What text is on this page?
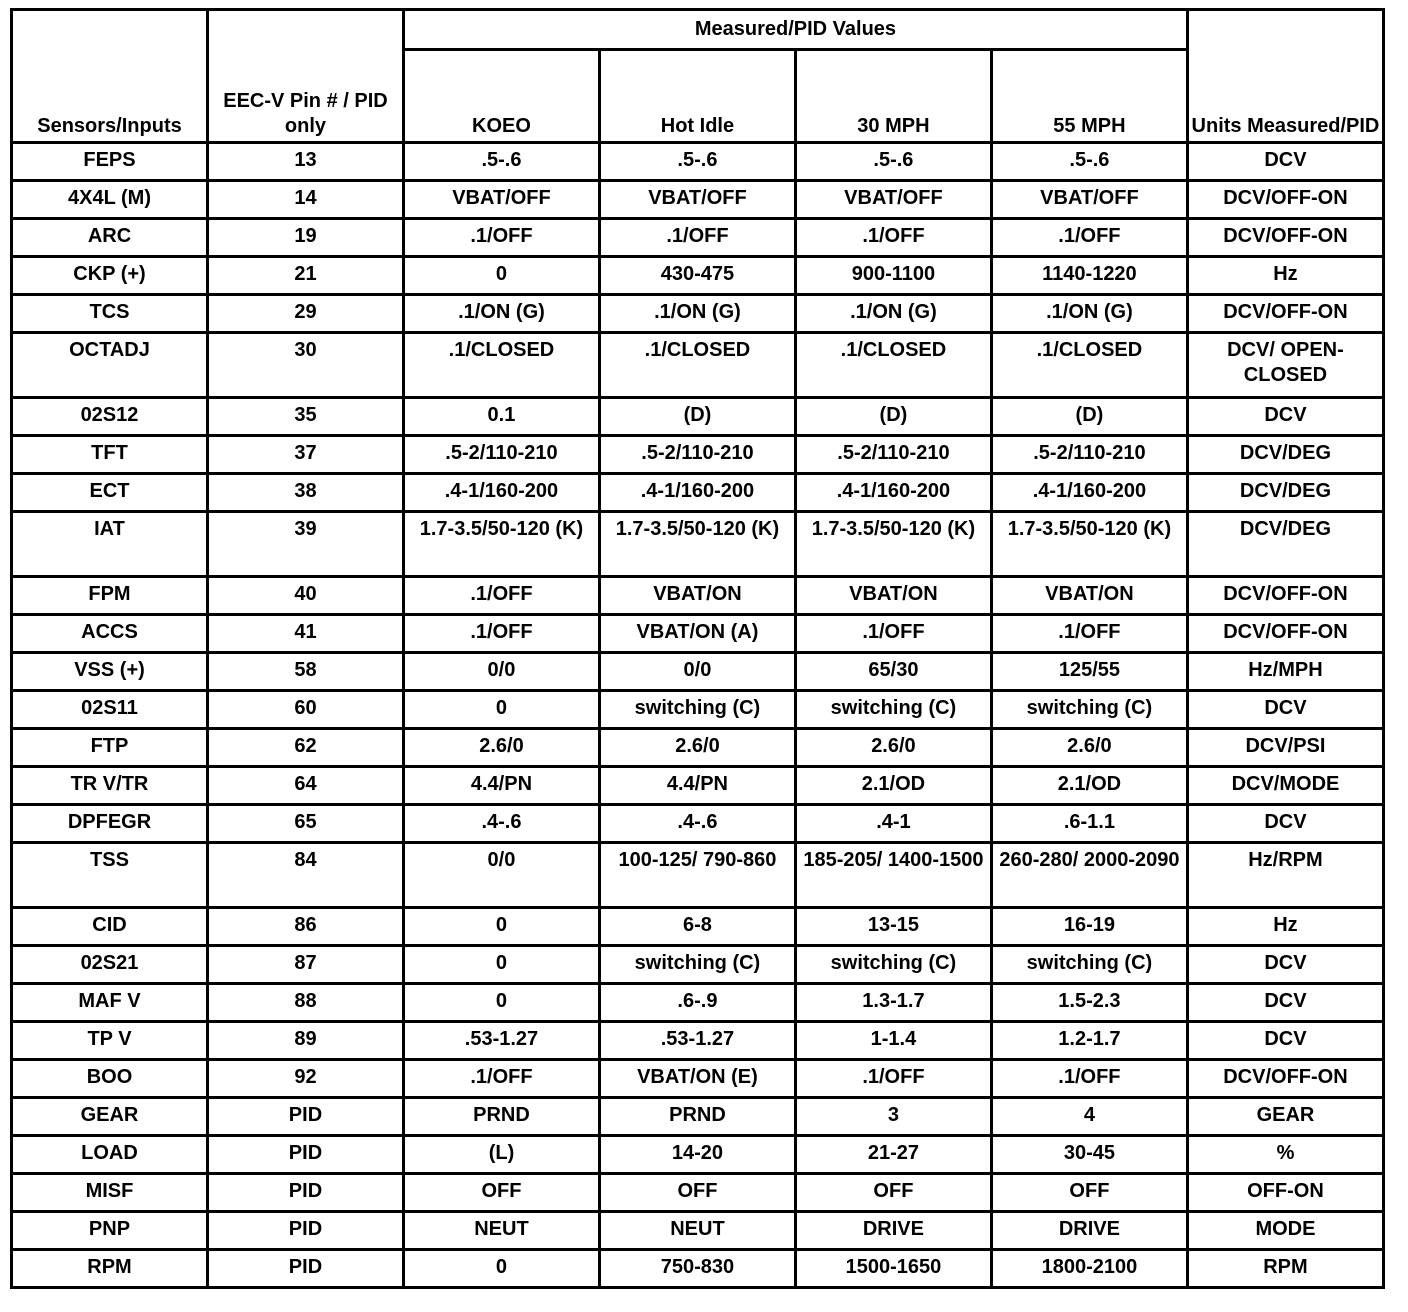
Sensors/Inputs	EEC-V Pin # / PID only	Measured/PID Values				Units Measured/PID
		KOEO	Hot Idle	30 MPH	55 MPH	
FEPS	13	.5-.6	.5-.6	.5-.6	.5-.6	DCV
4X4L (M)	14	VBAT/OFF	VBAT/OFF	VBAT/OFF	VBAT/OFF	DCV/OFF-ON
ARC	19	.1/OFF	.1/OFF	.1/OFF	.1/OFF	DCV/OFF-ON
CKP (+)	21	0	430-475	900-1100	1140-1220	Hz
TCS	29	.1/ON (G)	.1/ON (G)	.1/ON (G)	.1/ON (G)	DCV/OFF-ON
OCTADJ	30	.1/CLOSED	.1/CLOSED	.1/CLOSED	.1/CLOSED	DCV/ OPEN-CLOSED
02S12	35	0.1	(D)	(D)	(D)	DCV
TFT	37	.5-2/110-210	.5-2/110-210	.5-2/110-210	.5-2/110-210	DCV/DEG
ECT	38	.4-1/160-200	.4-1/160-200	.4-1/160-200	.4-1/160-200	DCV/DEG
IAT	39	1.7-3.5/50-120 (K)	1.7-3.5/50-120 (K)	1.7-3.5/50-120 (K)	1.7-3.5/50-120 (K)	DCV/DEG
FPM	40	.1/OFF	VBAT/ON	VBAT/ON	VBAT/ON	DCV/OFF-ON
ACCS	41	.1/OFF	VBAT/ON (A)	.1/OFF	.1/OFF	DCV/OFF-ON
VSS (+)	58	0/0	0/0	65/30	125/55	Hz/MPH
02S11	60	0	switching (C)	switching (C)	switching (C)	DCV
FTP	62	2.6/0	2.6/0	2.6/0	2.6/0	DCV/PSI
TR V/TR	64	4.4/PN	4.4/PN	2.1/OD	2.1/OD	DCV/MODE
DPFEGR	65	.4-.6	.4-.6	.4-1	.6-1.1	DCV
TSS	84	0/0	100-125/ 790-860	185-205/ 1400-1500	260-280/ 2000-2090	Hz/RPM
CID	86	0	6-8	13-15	16-19	Hz
02S21	87	0	switching (C)	switching (C)	switching (C)	DCV
MAF V	88	0	.6-.9	1.3-1.7	1.5-2.3	DCV
TP V	89	.53-1.27	.53-1.27	1-1.4	1.2-1.7	DCV
BOO	92	.1/OFF	VBAT/ON (E)	.1/OFF	.1/OFF	DCV/OFF-ON
GEAR	PID	PRND	PRND	3	4	GEAR
LOAD	PID	(L)	14-20	21-27	30-45	%
MISF	PID	OFF	OFF	OFF	OFF	OFF-ON
PNP	PID	NEUT	NEUT	DRIVE	DRIVE	MODE
RPM	PID	0	750-830	1500-1650	1800-2100	RPM
